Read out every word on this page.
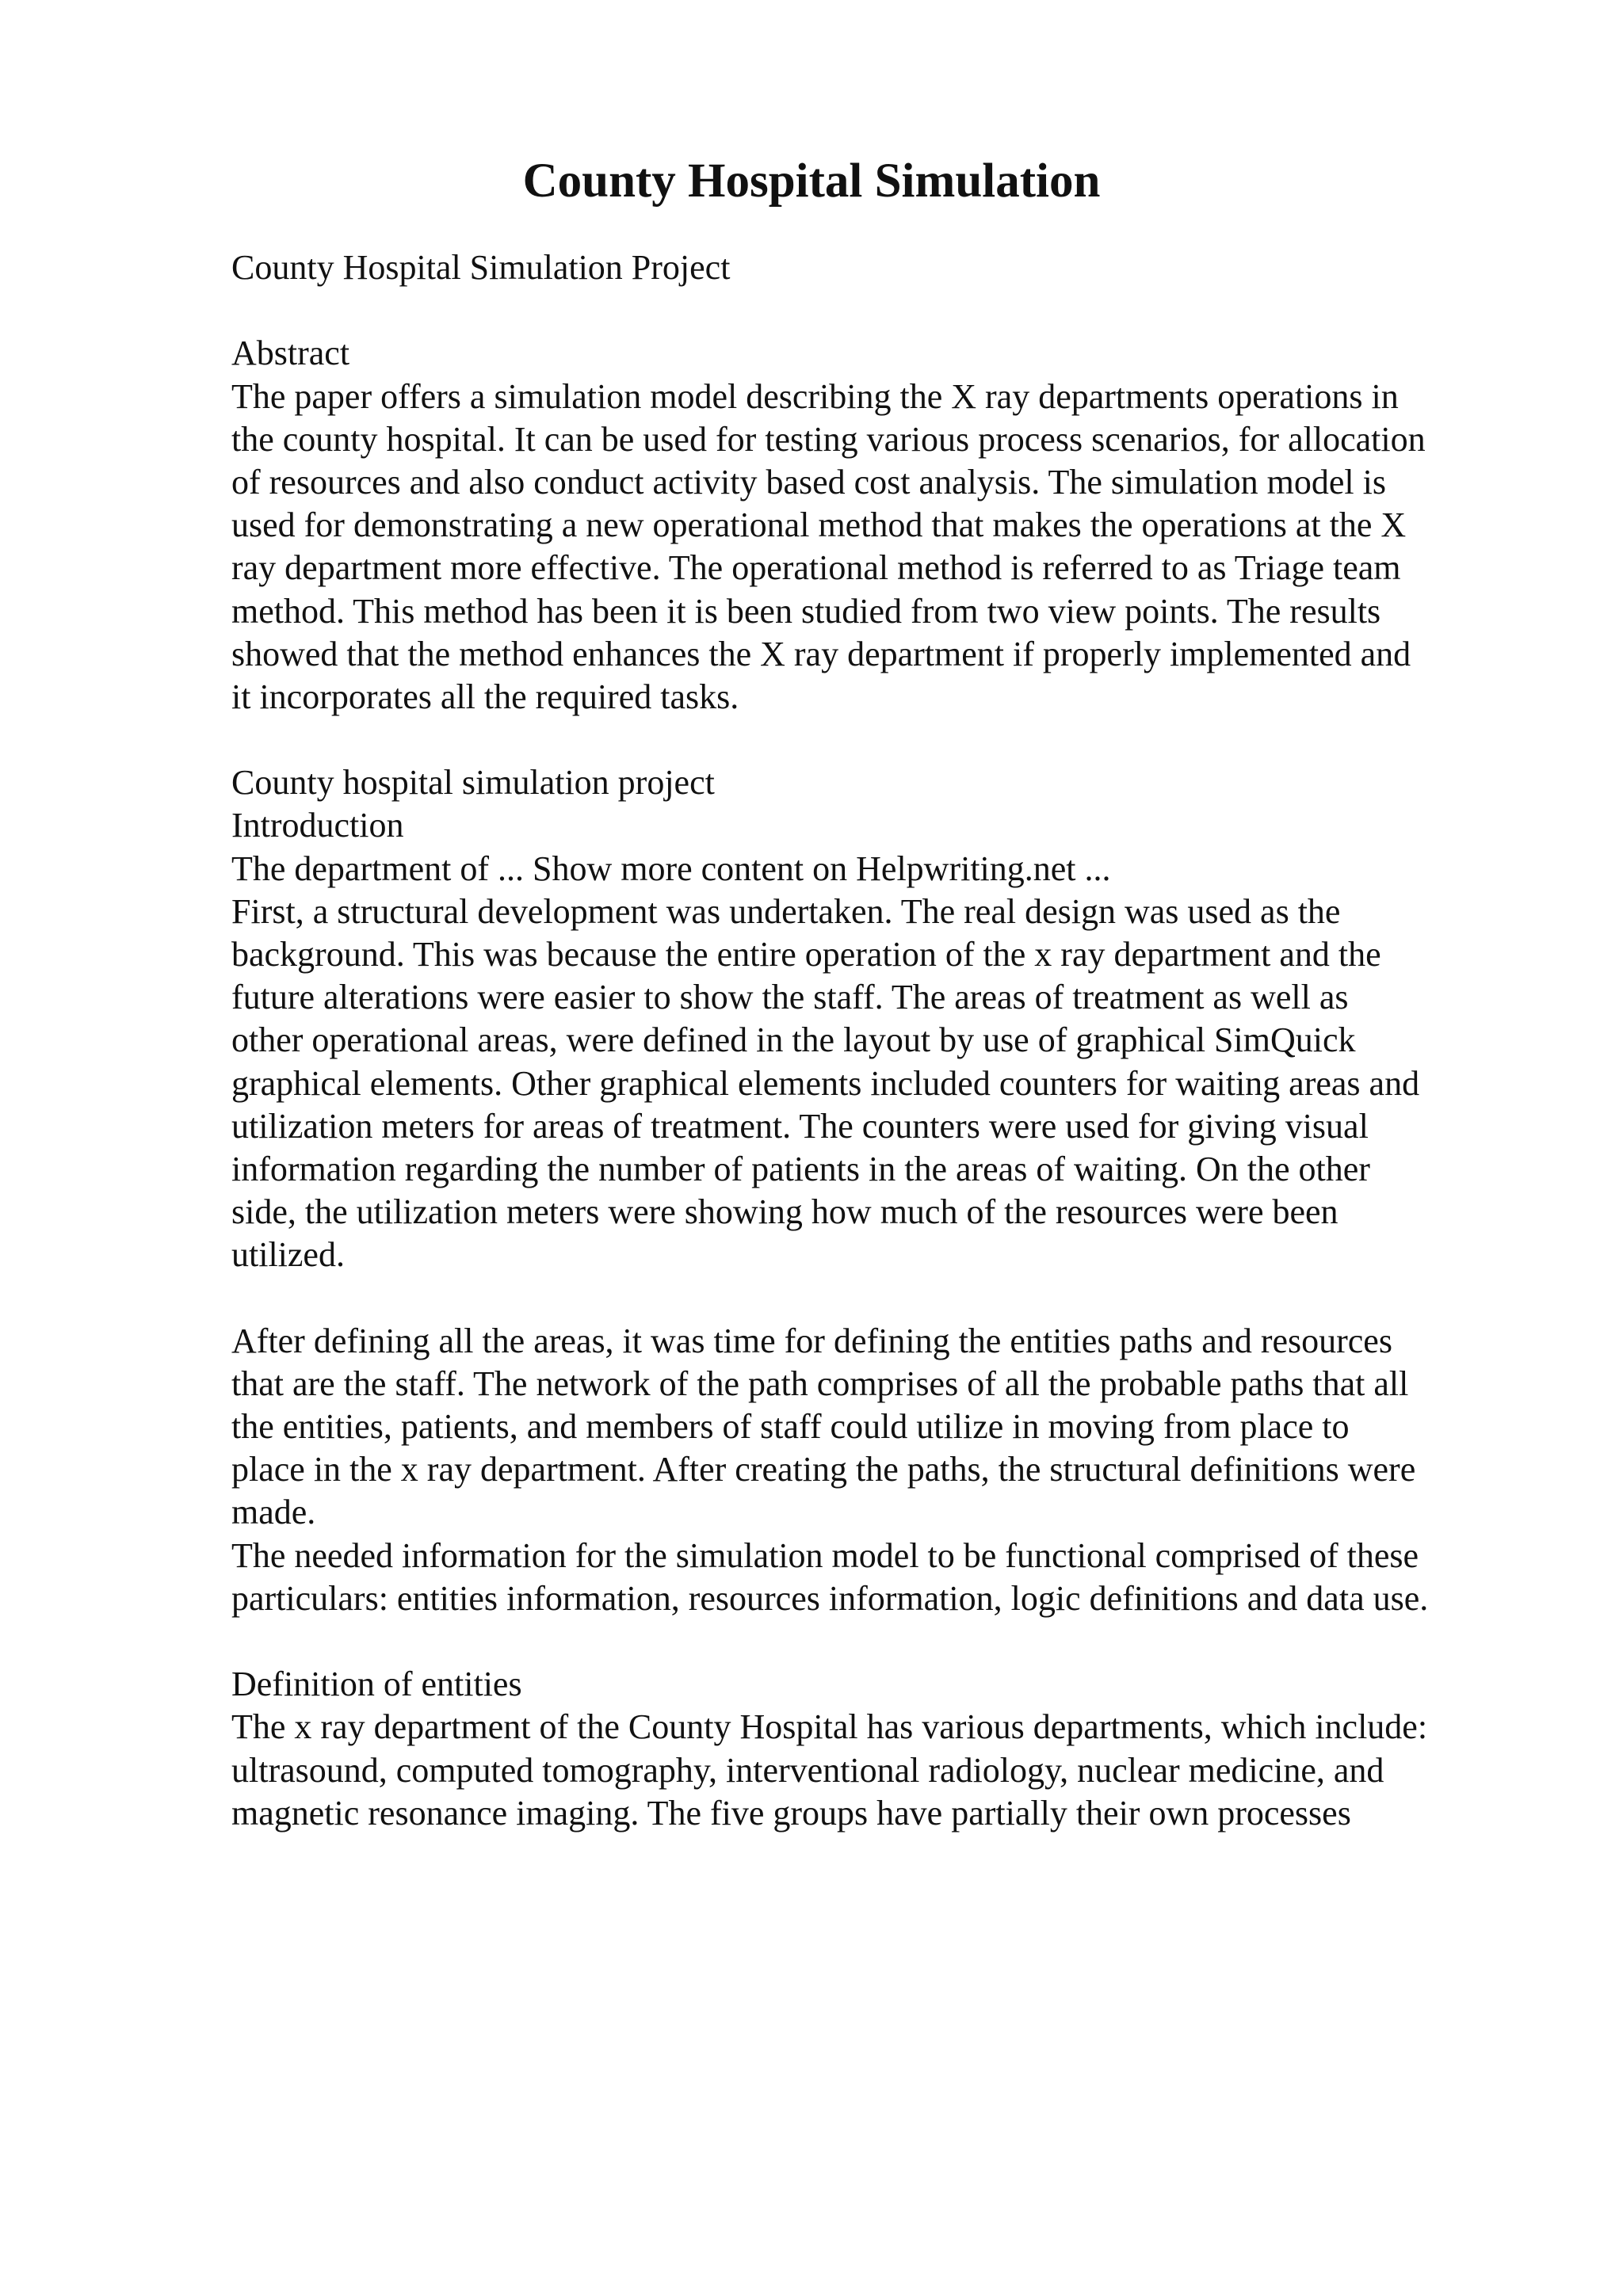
County Hospital Simulation
County Hospital Simulation Project
Abstract
The paper offers a simulation model describing the X ray departments operations in
the county hospital. It can be used for testing various process scenarios, for allocation
of resources and also conduct activity based cost analysis. The simulation model is
used for demonstrating a new operational method that makes the operations at the X
ray department more effective. The operational method is referred to as Triage team
method. This method has been it is been studied from two view points. The results
showed that the method enhances the X ray department if properly implemented and
it incorporates all the required tasks.
County hospital simulation project
Introduction
The department of ... Show more content on Helpwriting.net ...
First, a structural development was undertaken. The real design was used as the
background. This was because the entire operation of the x ray department and the
future alterations were easier to show the staff. The areas of treatment as well as
other operational areas, were defined in the layout by use of graphical SimQuick
graphical elements. Other graphical elements included counters for waiting areas and
utilization meters for areas of treatment. The counters were used for giving visual
information regarding the number of patients in the areas of waiting. On the other
side, the utilization meters were showing how much of the resources were been
utilized.
After defining all the areas, it was time for defining the entities paths and resources
that are the staff. The network of the path comprises of all the probable paths that all
the entities, patients, and members of staff could utilize in moving from place to
place in the x ray department. After creating the paths, the structural definitions were
made.
The needed information for the simulation model to be functional comprised of these
particulars: entities information, resources information, logic definitions and data use.
Definition of entities
The x ray department of the County Hospital has various departments, which include:
ultrasound, computed tomography, interventional radiology, nuclear medicine, and
magnetic resonance imaging. The five groups have partially their own processes
